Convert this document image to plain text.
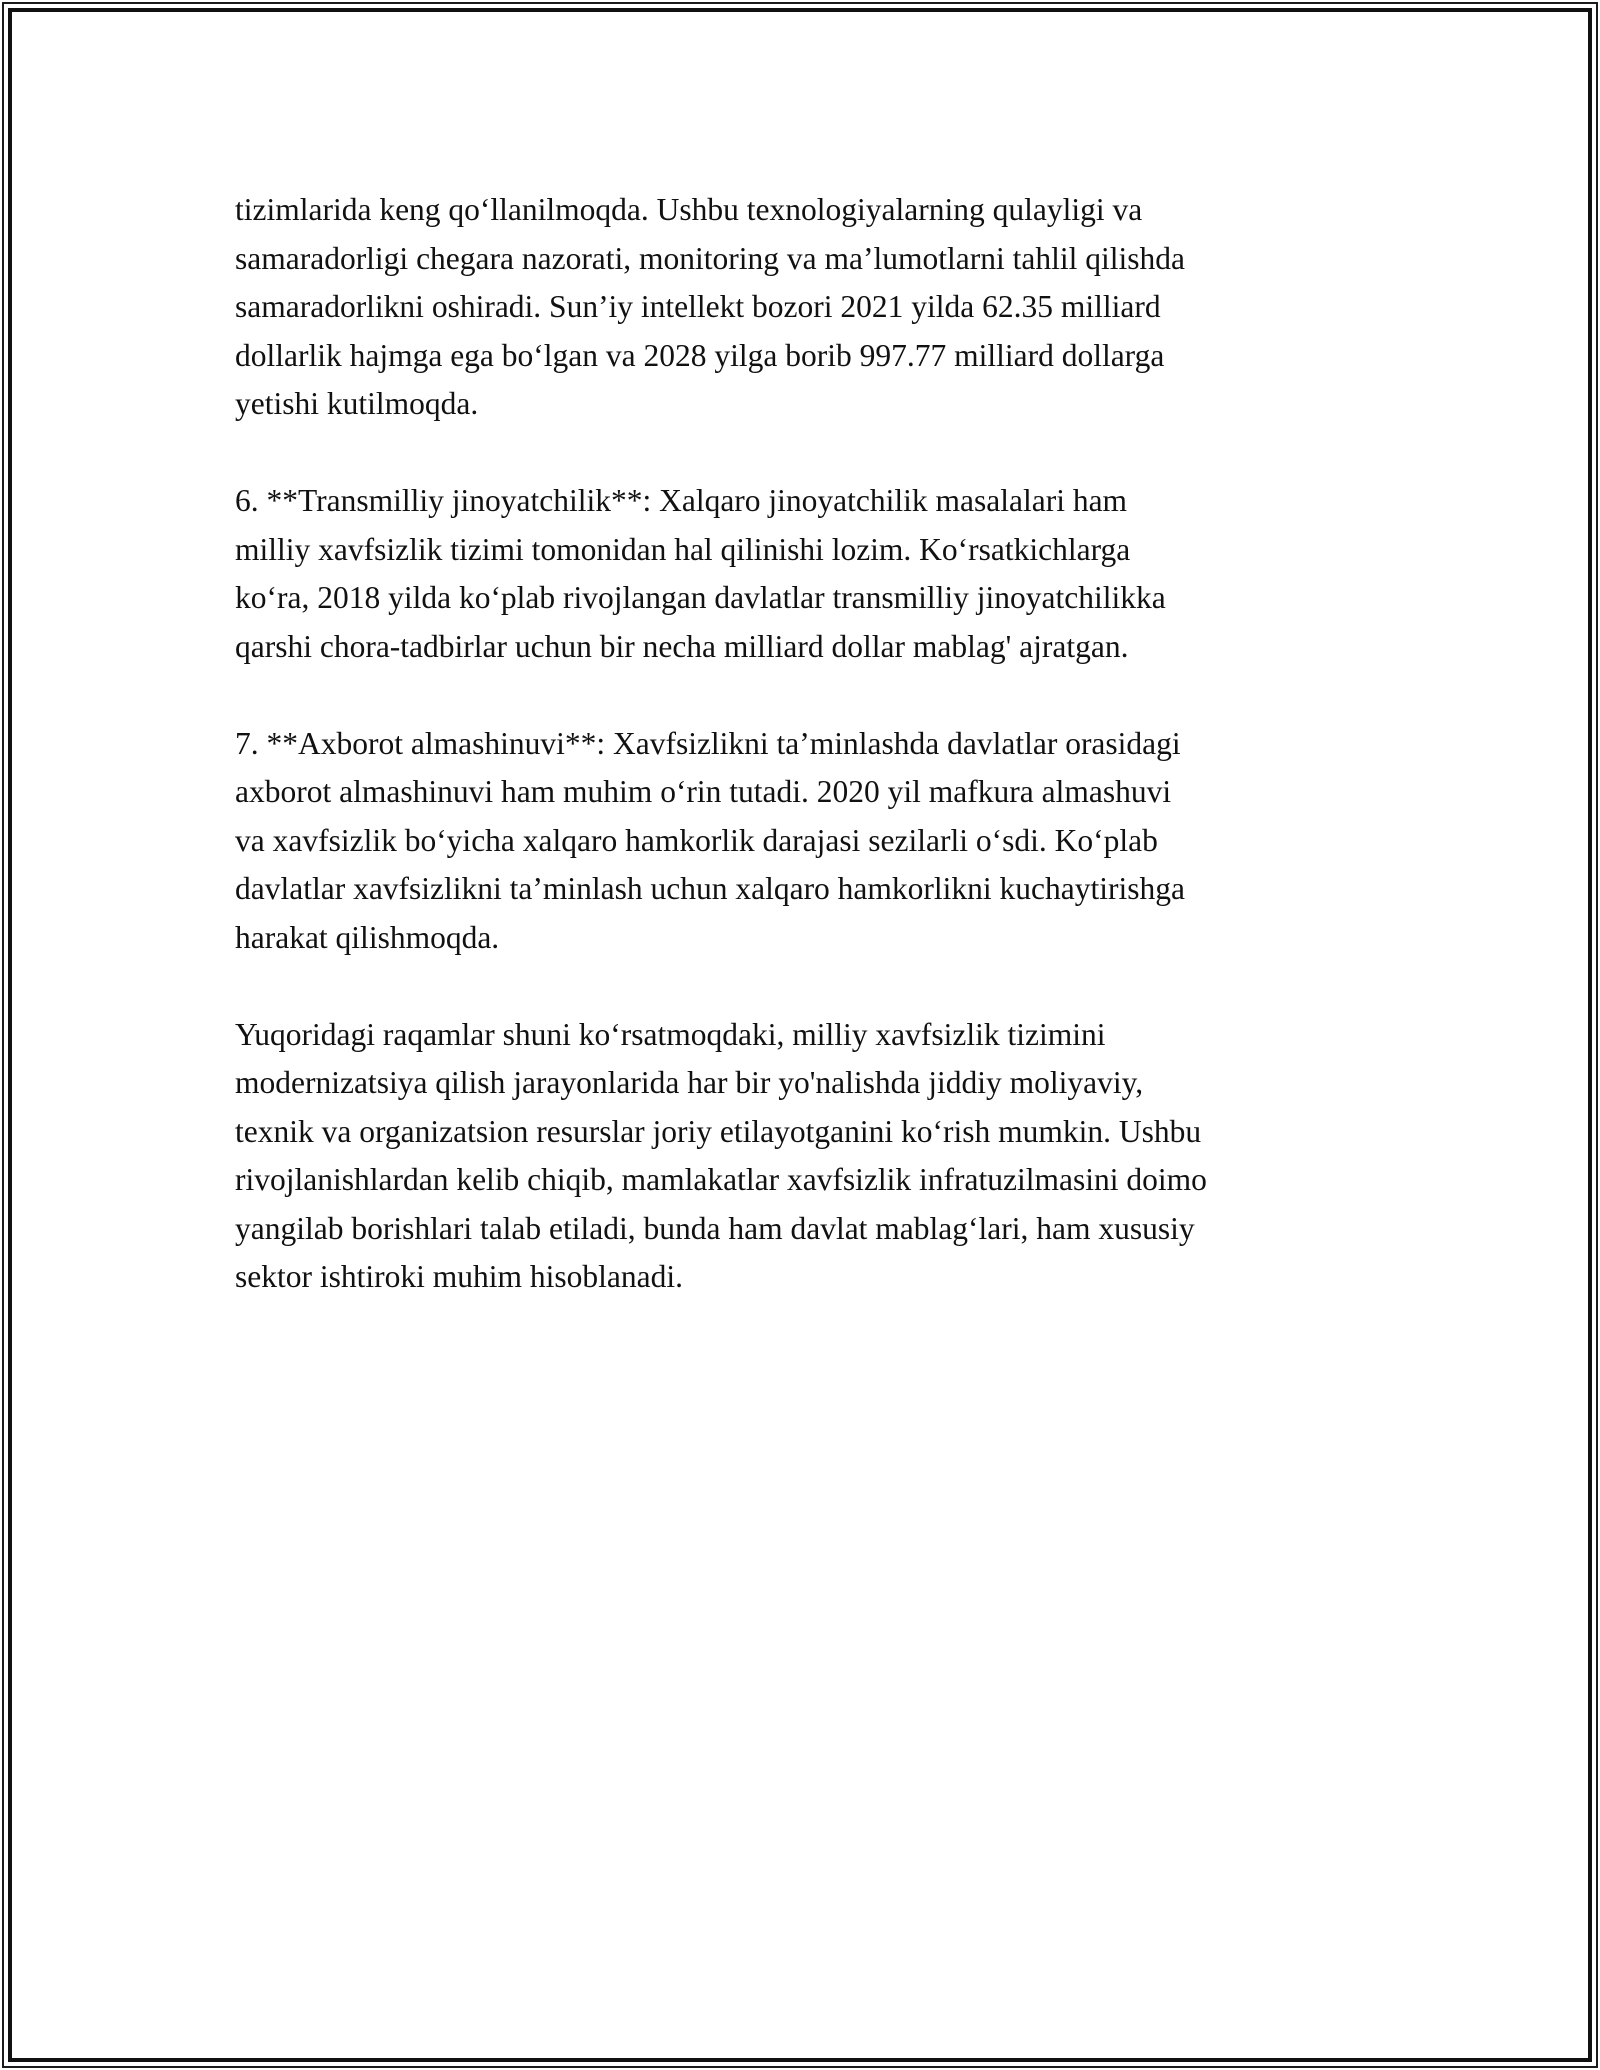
tizimlarida keng qo‘llanilmoqda. Ushbu texnologiyalarning qulayligi va
samaradorligi chegara nazorati, monitoring va ma’lumotlarni tahlil qilishda
samaradorlikni oshiradi. Sun’iy intellekt bozori 2021 yilda 62.35 milliard
dollarlik hajmga ega bo‘lgan va 2028 yilga borib 997.77 milliard dollarga
yetishi kutilmoqda.

6. **Transmilliy jinoyatchilik**: Xalqaro jinoyatchilik masalalari ham
milliy xavfsizlik tizimi tomonidan hal qilinishi lozim. Ko‘rsatkichlarga
ko‘ra, 2018 yilda ko‘plab rivojlangan davlatlar transmilliy jinoyatchilikka
qarshi chora-tadbirlar uchun bir necha milliard dollar mablag' ajratgan.

7. **Axborot almashinuvi**: Xavfsizlikni ta’minlashda davlatlar orasidagi
axborot almashinuvi ham muhim o‘rin tutadi. 2020 yil mafkura almashuvi
va xavfsizlik bo‘yicha xalqaro hamkorlik darajasi sezilarli o‘sdi. Ko‘plab
davlatlar xavfsizlikni ta’minlash uchun xalqaro hamkorlikni kuchaytirishga
harakat qilishmoqda.

Yuqoridagi raqamlar shuni ko‘rsatmoqdaki, milliy xavfsizlik tizimini
modernizatsiya qilish jarayonlarida har bir yo'nalishda jiddiy moliyaviy,
texnik va organizatsion resurslar joriy etilayotganini ko‘rish mumkin. Ushbu
rivojlanishlardan kelib chiqib, mamlakatlar xavfsizlik infratuzilmasini doimo
yangilab borishlari talab etiladi, bunda ham davlat mablag‘lari, ham xususiy
sektor ishtiroki muhim hisoblanadi.
